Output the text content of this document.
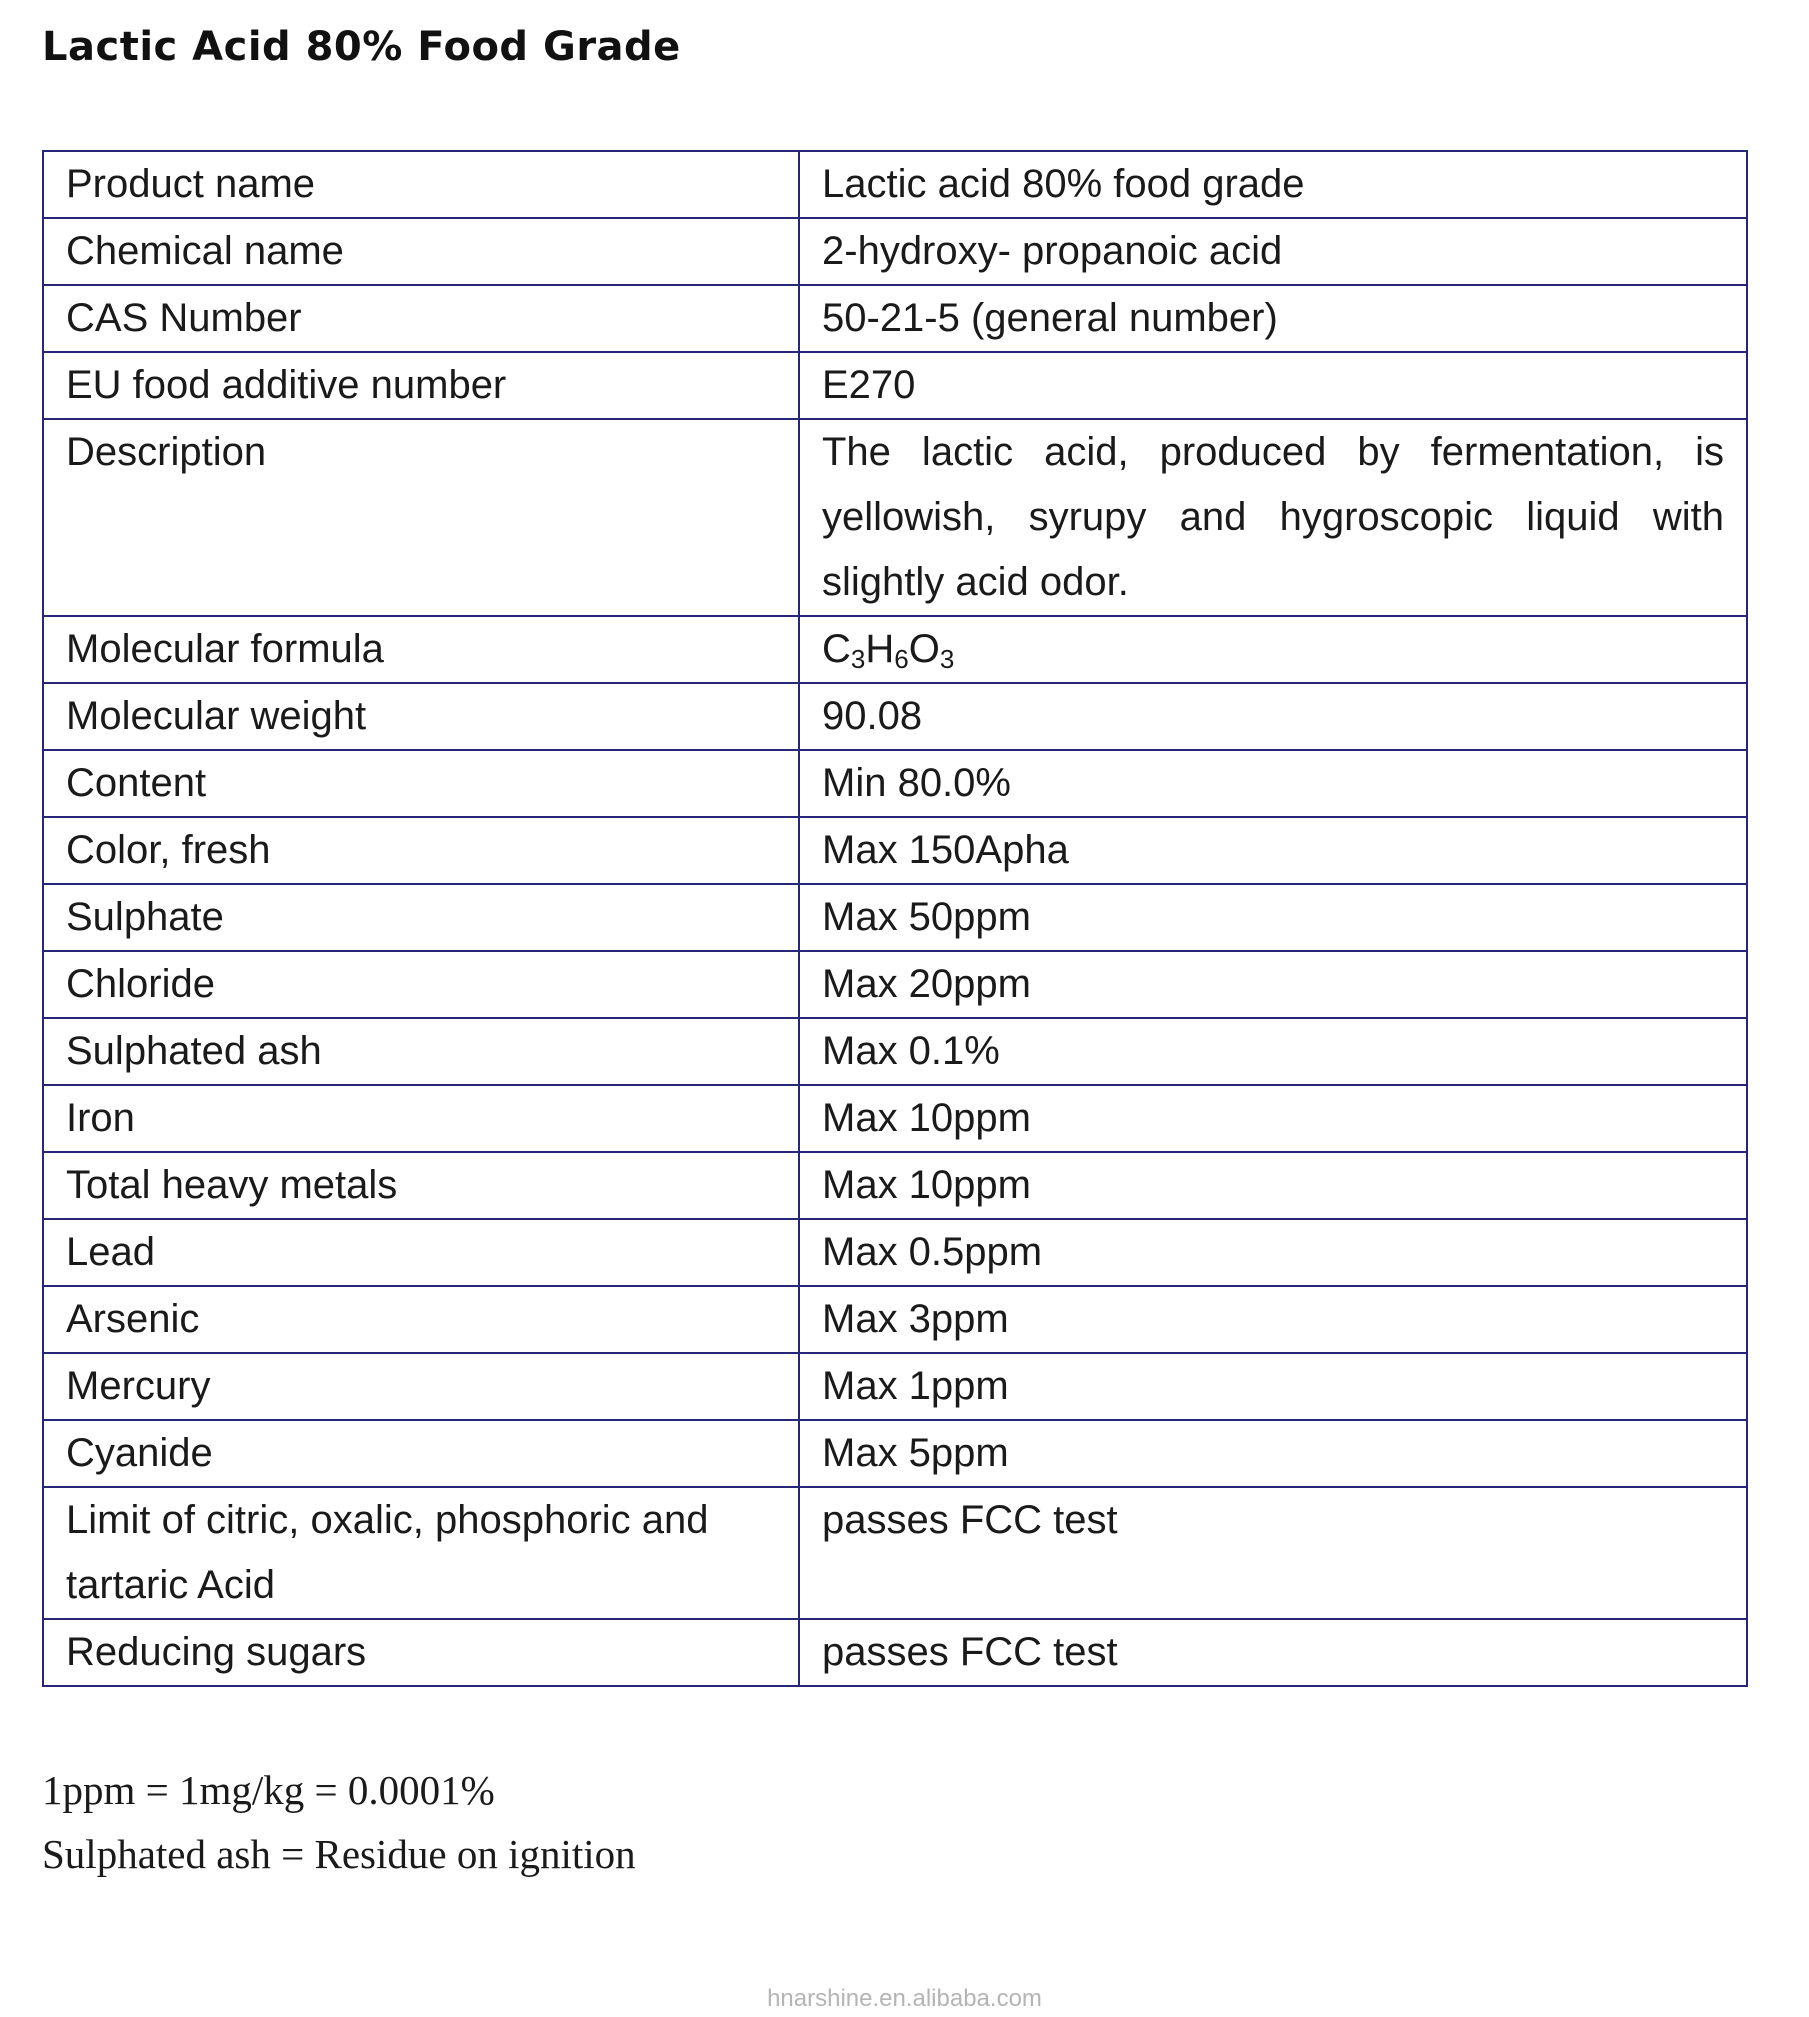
Lactic Acid 80% Food Grade
Product name	Lactic acid 80% food grade
Chemical name	2-hydroxy- propanoic acid
CAS Number	50-21-5 (general number)
EU food additive number	E270
Description	The lactic acid, produced by fermentation, is yellowish, syrupy and hygroscopic liquid with slightly acid odor.
Molecular formula	$C_3H_6O_3$
Molecular weight	90.08
Content	Min 80.0%
Color, fresh	Max 150Apha
Sulphate	Max 50ppm
Chloride	Max 20ppm
Sulphated ash	Max 0.1%
Iron	Max 10ppm
Total heavy metals	Max 10ppm
Lead	Max 0.5ppm
Arsenic	Max 3ppm
Mercury	Max 1ppm
Cyanide	Max 5ppm
Limit of citric, oxalic, phosphoric and tartaric Acid	passes FCC test
Reducing sugars	passes FCC test
1ppm = 1mg/kg = 0.0001%
Sulphated ash = Residue on ignition
hnarshine.en.alibaba.com
